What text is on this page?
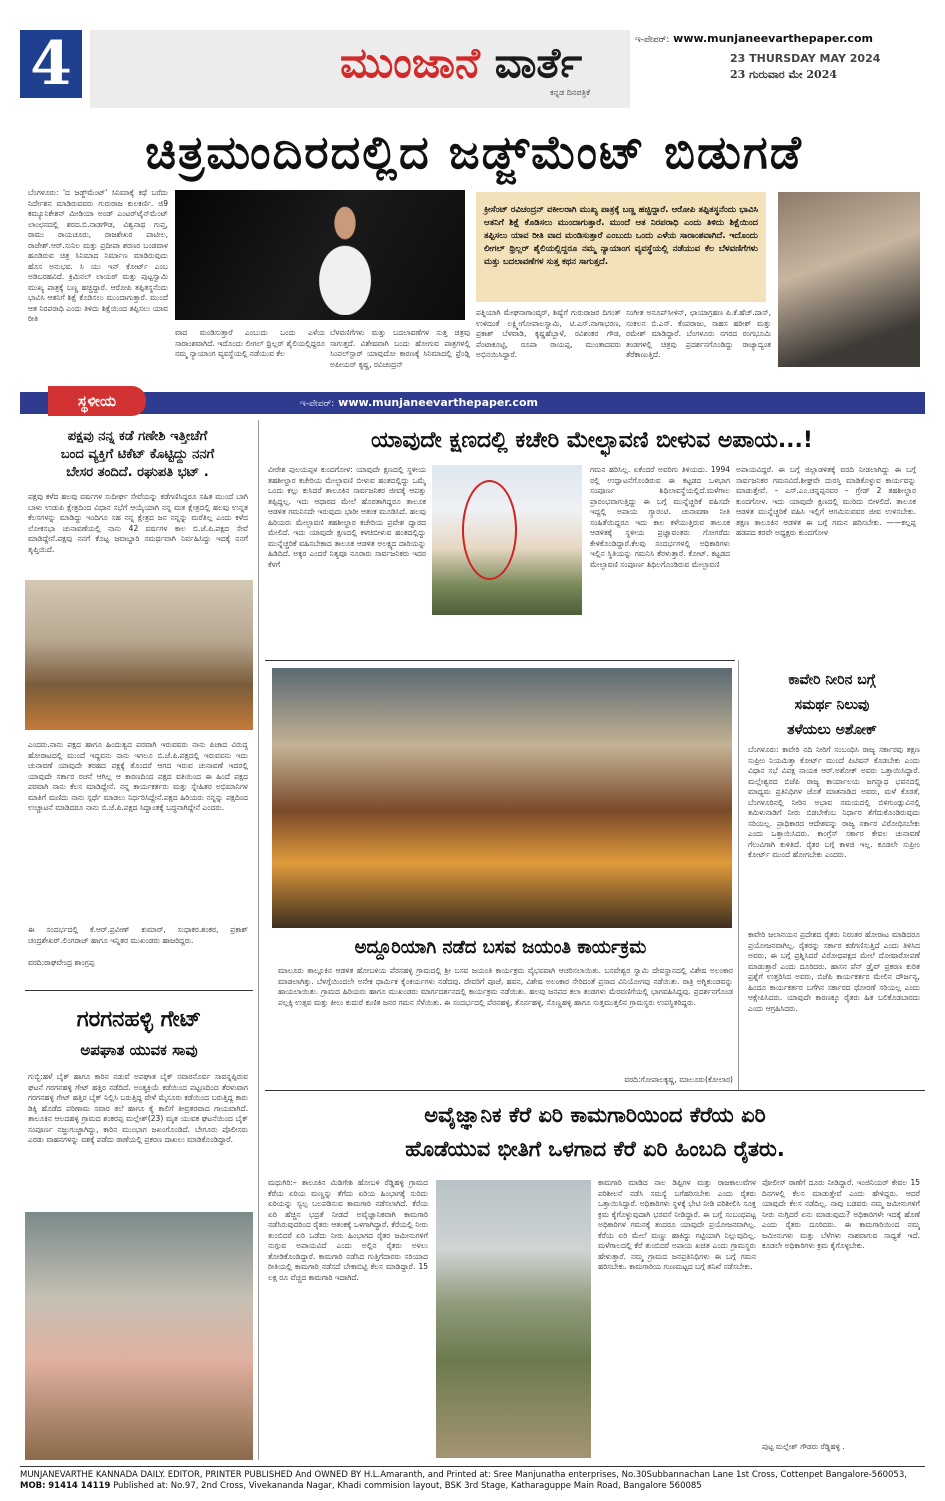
4	ಮುಂಜಾನೆ ವಾರ್ತೆ
ಕನ್ನಡ ದಿನಪತ್ರಿಕೆ
ಇ-ಪೇಪರ್: www.munjaneevarthepaper.com
23 THURSDAY MAY 2024
23 ಗುರುವಾರ ಮೇ 2024
ಚಿತ್ರಮಂದಿರದಲ್ಲಿದ ಜಡ್ಜ್‌ಮೆಂಟ್ ಬಿಡುಗಡೆ
ಬೆಂಗಳೂರು: 'ದ ಜಡ್ಜ್‌ಮೆಂಟ್' ಸಿನಿಮಾಕ್ಕೆ ಕಥೆ ಬರೆದು ನಿರ್ದೇಶನ ಮಾಡಿರುವವರು ಗುರುರಾಜ ಕುಲಕರ್ಣಿ. ಜಿ9 ಕಮ್ಯೂನಿಕೇಶನ್ ಮೀಡಿಯಾ ಅಂಡ್ ಎಂಟರ್‌ಟೈನ್‌ಮೆಂಟ್ ಲಾಂಛನದಲ್ಲಿ ಶರದ.ಬಿ.ನಾಡಗೌಡ, ವಿಶ್ವನಾಥ ಗುಪ್ತ, ರಾಮು ರಾಯಚೂರು, ರಾಜಶೇಖರ ಪಾಟೀಲ, ರಾಜೇಶ್.ಆರ್.ಸುನಿಲ ಮತ್ತು ಪ್ರದೀಪಾ ಶರಣರ ಬಂಡವಾಳ ಹೂಡಿರುವ ಚಿತ್ರ ಸಿನಿಮಾದ ನಿರ್ಮಾಣ ಮಾಡಿರುವುದು ಹೊಸ ಅನುಭವ. ಸಿ ಯು ಇನ್ ಕೋರ್ಟ್ ಎಂಬ ಅಡಿಬರಹವಿದೆ. ಕ್ರಿಮಿನಲ್ ಲಾಯರ್ ಮತ್ತು ಪುಟ್ಟಸ್ವಾಮಿ ಮುಖ್ಯ ಪಾತ್ರಕ್ಕೆ ಬಣ್ಣ ಹಚ್ಚಿದ್ದಾರೆ. ಆರೋಪಿ ತಪ್ಪಿತಸ್ಥನೆಂದು ಭಾವಿಸಿ ಆತನಿಗೆ ಶಿಕ್ಷೆ ಕೊಡಿಸಲು ಮುಂದಾಗುತ್ತಾರೆ. ಮುಂದೆ ಆತ ನಿರಪರಾಧಿ ಎಂದು ತಿಳಿದು ಶಿಕ್ಷೆಯಿಂದ ತಪ್ಪಿಸಲು ಯಾವ ರೀತಿ
ಕ್ರೀಸೆಂಟ್ ರವಿಚಂದ್ರನ್ ವಕೀಲರಾಗಿ ಮುಖ್ಯ ಪಾತ್ರಕ್ಕೆ ಬಣ್ಣ ಹಚ್ಚಿದ್ದಾರೆ. ಆರೋಪಿ ತಪ್ಪಿತಸ್ಥನೆಂದು ಭಾವಿಸಿ ಆತನಿಗೆ ಶಿಕ್ಷೆ ಕೊಡಿಸಲು ಮುಂದಾಗುತ್ತಾರೆ. ಮುಂದೆ ಆತ ನಿರಪರಾಧಿ ಎಂದು ತಿಳಿದು ಶಿಕ್ಷೆಯಿಂದ ತಪ್ಪಿಸಲು ಯಾವ ರೀತಿ ವಾದ ಮಂಡಿಸುತ್ತಾರೆ ಎಂಬುದು ಒಂದು ಎಳೆಯ ಸಾರಾಂಶವಾಗಿದೆ. ಇದೊಂದು ಲೀಗಲ್ ಥ್ರಿಲ್ಲರ್ ಶೈಲಿಯಲ್ಲಿದ್ದರೂ ನಮ್ಮ ನ್ಯಾಯಾಂಗ ವ್ಯವಸ್ಥೆಯಲ್ಲಿ ನಡೆಯುವ ಕೆಲ ಬೆಳವಣಿಗೆಗಳು ಮತ್ತು ಬದಲಾವಣೆಗಳ ಸುತ್ತ ಕಥನ ಸಾಗುತ್ತದೆ.
ವಾದ ಮಂಡಿಸುತ್ತಾರೆ ಎಂಬುದು ಒಂದು ಎಳೆಯ ಸಾರಾಂಶವಾಗಿದೆ. ಇದೊಂದು ಲೀಗಲ್ ಥ್ರಿಲ್ಲರ್ ಶೈಲಿಯಲ್ಲಿದ್ದರೂ ನಮ್ಮ ನ್ಯಾಯಾಂಗ ವ್ಯವಸ್ಥೆಯಲ್ಲಿ ನಡೆಯುವ ಕೆಲ
ಬೆಳವಣಿಗೆಗಳು ಮತ್ತು ಬದಲಾವಣೆಗಳ ಸುತ್ತ ಚಿತ್ರವು ಸಾಗುತ್ತದೆ. ವಿಶೇಷವಾಗಿ ಬಂದು ಹೋಗುವ ಪಾತ್ರಗಳಲ್ಲಿ ಸಿಂಪಲ್‌ಸ್ಟಾರ್ ಯಾವುದೋ ಕಾರಣಕ್ಕೆ ಸಿನಿಮಾದಲ್ಲಿ ಫ್ರೆಂಡ್ಲಿ ಅಪೀಯರ್ ಕೃಷ್ಣ, ರವಿಚಂದ್ರನ್
ಪತ್ನಿಯಾಗಿ ಮೇಘನಾಗಾಂವ್ಕರ್, ಶಿಷ್ಯೆಗೆ ಗುರುರಾಜರ ದಿಗಂತ್ ಉಳಿದಂತೆ ಲಕ್ಷ್ಮೀಗೋಪಾಲಸ್ವಾಮಿ, ಟಿ.ಎಸ್.ನಾಗಾಭರಣ, ಪ್ರಕಾಶ್ ಬೆಳವಾಡಿ, ಕೃಷ್ಣಹೆಬ್ಬಾಳೆ, ರವಿಶಂಕರ ಗೌಡ, ಪೆಂಟಾಕೂಟ್ಟಿ, ರೂಪಾ ರಾಯಪ್ಪ, ಮುಂತಾದವರು ಅಭಿನಯಿಸಿದ್ದಾರೆ.
ಸಂಗೀತ ಅನೂಪ್‌ಸೀಳಿನ್, ಛಾಯಾಗ್ರಹಣ ಪಿ.ಕೆ.ಹೆಚ್.ದಾಸ್, ಸಂಕಲನ ಬಿ.ಎಸ್. ಕೆಂಪರಾಜು, ಸಾಹಸ ಹರೀಶ್ ಮತ್ತು ರಮೇಶ್ ಮಾಡಿದ್ದಾರೆ. ಬೆಂಗಳೂರು ನಗರದ ರಂಗಭೂಮಿ ತಂಡಗಳಲ್ಲಿ ಚಿತ್ರವು ಪ್ರದರ್ಶನಗೊಂಡಿದ್ದು ರಾಜ್ಯಾದ್ಯಂತ ತೆರೆಕಾಣುತ್ತಿದೆ.
ಸ್ಥಳೀಯ	ಇ-ಪೇಪರ್: www.munjaneevarthepaper.com
ಪಕ್ಷವು ನನ್ನ ಕಡೆ ಗಣೇಶಿ ಇತ್ತೀಚೆಗೆ
ಬಂದ ವ್ಯಕ್ತಿಗೆ ಟಿಕೆಟ್ ಕೊಟ್ಟಿದ್ದು ನನಗೆ
ಬೇಸರ ತಂದಿದೆ. ರಘುಪತಿ ಭಟ್ .
ಪಕ್ಷವು ಕಳೆದ ಹಲವು ವರ್ಷಗಳ ಸುದೀರ್ಘ ಸೇವೆಯನ್ನು ಕಡೆಗಣಿಸಿದ್ದರೂ ಸಹಿತ ಮುಂದೆ ಬಾಗಿ ಬಾಳು ಉಡುಪಿ ಕ್ಷೇತ್ರದಿಂದ ವಿಧಾನ ಸಭೆಗೆ ಆಯ್ಕೆಯಾಗಿ ನನ್ನ ಮತ ಕ್ಷೇತ್ರದಲ್ಲಿ ಹಲವು ಉನ್ನತ ಕೆಲಸಗಳನ್ನು ಮಾಡಿದ್ದು ಇಂದಿಗೂ ಸಹ ನನ್ನ ಕ್ಷೇತ್ರದ ಜನ ನನ್ನನ್ನು ಮರೆತಿಲ್ಲ ಎಂದು ಕಳೆದ ಲೋಕಸಭಾ ಚುನಾವಣೆಯಲ್ಲಿ ನಾನು 42 ವರ್ಷಗಳ ಕಾಲ ಬಿ.ಜೆ.ಪಿ.ಪಕ್ಷದ ಸೇವೆ ಮಾಡಿದ್ದೇನೆ.ಪಕ್ಷವು ನನಗೆ ಕೊಟ್ಟ ಜವಾಬ್ದಾರಿ ಸಮರ್ಥವಾಗಿ ನಿರ್ವಹಿಸಿದ್ದು ಇದಕ್ಕೆ ನನಗೆ ತೃಪ್ತಿಯಿದೆ.
ಎಂದರು.ನಾನು ಪಕ್ಷದ ಹಾಗೂ ಹಿಂದುತ್ವದ ಪರವಾಗಿ ಇರುವವರು ನಾನು ಪಿಚಾದ ವಿರುದ್ಧ ಹೋರಾಟದಲ್ಲಿ ಮುಂದೆ ಇದ್ದವನು ನಾನು ಇಗಲೂ ಬಿ.ಜೆ.ಪಿ.ಪಕ್ಷದಲ್ಲಿ ಇರುವವನು ಇದು ಚುನಾವಣೆ ಯಾವುದೇ ತರಹದ ಪಕ್ಷಕ್ಕೆ ತೊಂದರೆ ಆಗದ ಇರುವ ಚುನಾವಣೆ ಇದರಲ್ಲಿ ಯಾವುದೇ ಸರ್ಕಾರ ರಚನೆ ಆಗಿಲ್ಲ ಆ ಕಾರಣದಿಂದ ಪಕ್ಷದ ವತಿಯಿಂದ ಈ ಹಿಂದೆ ಪಕ್ಷದ ಪರವಾಗಿ ನಾನು ಕೆಲಸ ಮಾಡಿದ್ದೇನೆ. ನನ್ನ ಕಾರ್ಯಕರ್ತರು ಮತ್ತು ಸ್ನೇಹಿತರ ಅಭಿಮಾನಿಗಳ ಮಾತಿಗೆ ಮಣಿದು ನಾನು ಸ್ಪರ್ಧೆ ಮಾಡಲು ನಿರ್ಧರಿಸಿದ್ದೇನೆ.ಪಕ್ಷದ ಹಿರಿಯರು ನನ್ನನ್ನು ಪಕ್ಷದಿಂದ ಉಚ್ಚಾಟನೆ ಮಾಡಿದರೂ ನಾನು ಬಿ.ಜೆ.ಪಿ.ಪಕ್ಷದ ಸಿದ್ದಾಂತಕ್ಕೆ ಬದ್ಧನಾಗಿದ್ದೇನೆ ಎಂದರು.
ಈ ಸಂದರ್ಭದಲ್ಲಿ ಕೆ.ಆರ್.ಪ್ರವೀಣ್ ಕುಮಾರ್, ಸುಧಾಕರ.ಶಂಕರ, ಪ್ರಕಾಶ್ ಚಂದ್ರಶೇಖರ್.ಲಿಂಗರಾಜ್ ಹಾಗೂ ಇನ್ನಿತರ ಮುಖಂಡರು ಹಾಜರಿದ್ದರು.
ವರದಿ:ರಾಘವೇಂದ್ರ ಶಾಂಗ್ರಪ್ಪ
ಗರಗನಹಳ್ಳಿ ಗೇಟ್
ಅಪಘಾತ ಯುವಕ ಸಾವು
ಗುಬ್ಬಿ:ಹಳೆ ಬೈಕ್ ಹಾಗೂ ಕಾರಿನ ನಡುವೆ ಅಪಘಾತ ಬೈಕ್ ಸವಾರನೊರ್ವ ಸಾವನ್ನಪ್ಪಿರುವ ಘಟನೆ ಗರಗನಹಳ್ಳಿ ಗೇಟ್ ಹತ್ತಿರ ನಡೆದಿದೆ. ಅಂತ್ಯಕ್ರಿಯೆ ಕಡೆಯಿಂದ ಪಟ್ಟಣದಿಂದ ತೆರಳುವಾಗ ಗರಗನಹಳ್ಳಿ ಗೇಟ್ ಹತ್ತಿರ ಬೈಕ್ ನಿಲ್ಲಿಸಿ ಬರುತ್ತಿದ್ದ ವೇಳೆ ಮೈಸೂರು ಕಡೆಯಿಂದ ಬರುತ್ತಿದ್ದ ಕಾರು ಡಿಕ್ಕಿ ಹೊಡೆದ ಪರಿಣಾಮ ಸವಾರ ತಲೆ ಹಾಗೂ ಕೈ ಕಾಲಿಗೆ ತೀವ್ರತರವಾದ ಗಾಯವಾಗಿದೆ. ತಾಲೂಕಿನ ಆಲದಹಳ್ಳಿ ಗ್ರಾಮದ ಶಂಕರಪ್ಪ ಮಲ್ಲೇಶ್(23) ಮೃತ ಯುವಕ ಘಟನೆಯಿಂದ ಬೈಕ್ ಸಂಪೂರ್ಣ ನಜ್ಜುಗುಜ್ಜಾಗಿದ್ದು, ಕಾರಿನ ಮುಂಭಾಗ ಜಖಂಗೊಂಡಿದೆ. ಬೇಗೂರು ಪೊಲೀಸರು ಎರಡು ವಾಹನಗಳನ್ನು ವಶಕ್ಕೆ ಪಡೆದು ಠಾಣೆಯಲ್ಲಿ ಪ್ರಕರಣ ದಾಖಲು ಮಾಡಿಕೊಂಡಿದ್ದಾರೆ.
ಯಾವುದೇ ಕ್ಷಣದಲ್ಲಿ ಕಚೇರಿ ಮೇಲ್ಛಾವಣಿ ಬೀಳುವ ಅಪಾಯ...!
ವೀರೇಶ ಪುಲಯಪ್ಪಳ ಕುಂದಗೋಳ: ಯಾವುದೇ ಕ್ಷಣದಲ್ಲಿ ಸ್ಥಳೀಯ ತಹಶೀಲ್ದಾರ ಕಚೇರಿಯ ಮೇಲ್ಛಾವಣಿ ಬೀಳುವ ಹಂತದಲ್ಲಿದ್ದು ಒಮ್ಮೆ ಒಂದು ಕಲ್ಲು ಕುಸಿದರೆ ತಾಲೂಕಿನ ಸಾರ್ವಜನಿಕರ ಜೀವಕ್ಕೆ ಆಪತ್ತು ತಪ್ಪಿದ್ದಲ್ಲ. ಇದು ಆಧಾರದ ಮೇಲೆ ಹೊರತಾಗಿದ್ದರೂ ತಾಲೂಕ ಆಡಳಿತ ಗಮನಿಸದೇ ಇರುವುದು ಭಾರೀ ಆತಂಕ ಮೂಡಿಸಿದೆ. ಹಲವು ಹಿರಿಯರು ಮೇಲ್ಛಾವಣಿ ತಹಶೀಲ್ದಾರ ಕಚೇರಿಯ ಪ್ರವೇಶ ದ್ವಾರದ ಮೇಲಿದೆ. ಇದು ಯಾವುದೇ ಕ್ಷಣದಲ್ಲಿ ಕಳಚಿಬೀಳುವ ಹಂತದಲ್ಲಿದ್ದು ಮುನ್ನೆಚ್ಚರಿಕೆ ವಹಿಸಬೇಕಾದ ತಾಲೂಕ ಆಡಳಿತ ಅಲಕ್ಷ್ಯದ ದಾರಿಯನ್ನು ಹಿಡಿದಿದೆ. ಅಕ್ಕರ ಎಂದರೆ ನಿತ್ಯವೂ ನೂರಾರು ಸಾರ್ವಜನಿಕರು ಇದರ ಕೆಳಗೆ
ಗಮನ ಹರಿಸಿಲ್ಲ. ಏಕೆಂದರೆ ಅವರಿಗು ತಿಳಿಯದು. 1994 ರಲ್ಲಿ ಉದ್ಘಾಟನೆಗೊಂಡಿರುವ ಈ ಕಟ್ಟಡದ ಒಳಭಾಗ ಸಂಪೂರ್ಣ ಶಿಥಿಲಾವಸ್ಥೆಯಲ್ಲಿದೆ.ಮಳೆಗಾಲ ಪ್ರಾರಂಭವಾಗುತ್ತಿದ್ದು ಈ ಬಗ್ಗೆ ಮುನ್ನೆಚ್ಚರಿಕೆ ವಹಿಸದೇ ಇದ್ದಲ್ಲಿ ಅಪಾಯ ಗ್ಯಾರಂಟಿ. ಚುನಾವಣಾ ನೀತಿ ಸಂಹಿತೆಯಿದ್ದರೂ ಇದು ಕಾಲ ಕಳೆಯುತ್ತಿರುವ ತಾಲೂಕ ಆಡಳಿತಕ್ಕೆ ಸ್ಥಳೀಯ ಪ್ರಜ್ಞಾವಂತರು ಗೋಗರೆದು ಕೇಳಿಕೊಂಡಿದ್ದಾರೆ.ಕೆಲವು ಸಂದರ್ಭಗಳಲ್ಲಿ ಅಧಿಕಾರಿಗಳು ಇಲ್ಲಿನ ಸ್ಥಿತಿಯನ್ನು ಗಮನಿಸಿ ತೆರಳುತ್ತಾರೆ. ಕೋಟ್. ಕಟ್ಟಡದ ಮೇಲ್ಛಾವಣಿ ಸಂಪೂರ್ಣ ಶಿಥಿಲಗೊಂಡಿರುವ ಮೇಲ್ಛಾವಣಿ
ಅಪಾಯವಿದ್ದರೆ. ಈ ಬಗ್ಗೆ ಜಿಲ್ಲಾಡಳಿತಕ್ಕೆ ವರದಿ ನೀಡಲಾಗಿದ್ದು ಈ ಬಗ್ಗೆ ಸಾರ್ವಜನಿಕರ ಗಮನವಿದೆ.ಶೀಘ್ರವೇ ದುರಸ್ತಿ ಮಾಡಿಕೊಳ್ಳುವ ಕಾರ್ಯವನ್ನು ಮಾಡುತ್ತೇವೆ. – ಎಸ್.ಎಂ.ಚನ್ನಪ್ಪನವರ – ಗ್ರೇಡ್ 2 ತಹಶೀಲ್ದಾರ ಕುಂದಗೋಳ. ಇದು ಯಾವುದೇ ಕ್ಷಣದಲ್ಲಿ ಮುರಿದು ಬೀಳಲಿದೆ. ತಾಲೂಕ ಆಡಳಿತ ಮುನ್ನೆಚ್ಚರಿಕೆ ವಹಿಸಿ ಇಲ್ಲಿಗೆ ಆಗಮಿಸುವವರ ಜೀವ ಉಳಿಸಬೇಕು. ತಕ್ಷಣ ತಾಲೂಕಿನ ಆಡಳಿತ ಈ ಬಗ್ಗೆ ಗಮನ ಹರಿಸಬೇಕು. ——ಕಲ್ಲಪ್ಪ ಹಡಪದ ಕರವೇ ಅಧ್ಯಕ್ಷರು ಕುಂದಗೋಳ
ಅದ್ದೂರಿಯಾಗಿ ನಡೆದ ಬಸವ ಜಯಂತಿ ಕಾರ್ಯಕ್ರಮ
ಮಾಲೂರು ತಾಲ್ಲೂಕಿನ ಆಡಳಿತ ಹೋಬಳಿಯ ಪೆರನಹಳ್ಳಿ ಗ್ರಾಮದಲ್ಲಿ ಶ್ರೀ ಬಸವ ಜಯಂತಿ ಕಾರ್ಯಕ್ರಮ ವೈಭವವಾಗಿ ಆಚರಿಸಲಾಯಿತು. ಬಸವೇಶ್ವರ ಸ್ವಾಮಿ ದೇವಸ್ಥಾನದಲ್ಲಿ ವಿಶೇಷ ಅಲಂಕಾರ ಮಾಡಲಾಗಿತ್ತು. ಬೆಳಗ್ಗೆಯಿಂದಲೇ ಅನೇಕ ಧಾರ್ಮಿಕ ಕೈಂಕರ್ಯಗಳು ನಡೆದವು. ದೇವರಿಗೆ ಪೂಜೆ, ಹವನ, ವಿಶೇಷ ಅಲಂಕಾರ ಸೇರಿದಂತೆ ಪ್ರಸಾದ ವಿನಿಯೋಗವು ನಡೆಯಿತು. ರಾತ್ರಿ ಅಗ್ನಿಕುಂಡವನ್ನು ಹಾಯಲಾಯಿತು. ಗ್ರಾಮದ ಹಿರಿಯರು ಹಾಗೂ ಮುಖಂಡರು ಮಾರ್ಗದರ್ಶನದಲ್ಲಿ ಕಾರ್ಯಕ್ರಮ ನಡೆಯಿತು. ಹಲವು ಜನಪದ ಕಲಾ ತಂಡಗಳು ಮೆರವಣಿಗೆಯಲ್ಲಿ ಭಾಗವಹಿಸಿದ್ದವು. ಪ್ರದರ್ಶನಗೊಂಡ ಪಲ್ಲಕ್ಕಿ ಉತ್ಸವ ಮತ್ತು ಕೀಲು ಕುದುರೆ ಕುಣಿತ ಜನರ ಗಮನ ಸೆಳೆಯಿತು. ಈ ಸಂದರ್ಭದಲ್ಲಿ ಪೆರನಹಳ್ಳಿ, ತೊರ್ನಹಳ್ಳಿ, ಸೊಣ್ಣಹಳ್ಳಿ ಹಾಗೂ ಸುತ್ತಮುತ್ತಲಿನ ಗ್ರಾಮಸ್ಥರು ಉಪಸ್ಥಿತರಿದ್ದರು.
ವರದಿ:ಗೋಪಾಲಕೃಷ್ಣ, ಮಾಲೂರು(ಕೋಲಾರ)
ಕಾವೇರಿ ನೀರಿನ ಬಗ್ಗೆ
ಸಮರ್ಥ ನಿಲುವು
ತಳೆಯಲು ಅಶೋಕ್
ಬೆಂಗಳೂರು: ಕಾವೇರಿ ನದಿ ನೀರಿಗೆ ಸಂಬಂಧಿಸಿ ರಾಜ್ಯ ಸರ್ಕಾರವು ತಕ್ಷಣ ಸುಪ್ರೀಂ ನಿಯಮಿತ್ತಾ ಕೋರ್ಟ್ ಮುಂದೆ ಪಿಟಿಷನ್ ಕೊಡಬೇಕು ಎಂದು ವಿಧಾನ ಸಭೆ ವಿಪಕ್ಷ ನಾಯಕ ಆರ್.ಅಶೋಕ್ ಅವರು ಒತ್ತಾಯಿಸಿದ್ದಾರೆ. ಮಲ್ಲೇಶ್ವರದ ಬಿಜೆಪಿ ರಾಜ್ಯ ಕಾರ್ಯಾಲಯ ಜಗನ್ನಾಥ ಭವನದಲ್ಲಿ ಮಾಧ್ಯಮ ಪ್ರತಿನಿಧಿಗಳ ಜೊತೆ ಮಾತನಾಡಿದ ಅವರು, ಮಳೆ ಕೊರತೆ, ಬೆಂಗಳೂರಿನಲ್ಲಿ ನೀರಿನ ಅಭಾವ ಸಮಯದಲ್ಲಿ ಬಿಳಿಗುಂಡ್ಲುವಿನಲ್ಲಿ ತಮಿಳುನಾಡಿಗೆ ನೀರು ಬಿಡಬೇಕೆಂಬ ನಿರ್ಧಾರ ತೆಗೆದುಕೊಂಡಿರುವುದು ಸರಿಯಲ್ಲ. ಪ್ರಾಧಿಕಾರದ ಆದೇಶವನ್ನು ರಾಜ್ಯ ಸರ್ಕಾರ ವಿರೋಧಿಸಬೇಕು ಎಂದು ಒತ್ತಾಯಿಸಿದರು. ಕಾಂಗ್ರೆಸ್ ಸರ್ಕಾರ ಕೇವಲ ಚುನಾವಣೆ ಗೆಲುವಿಗಾಗಿ ಕುಳಿತಿದೆ. ರೈತರ ಬಗ್ಗೆ ಕಾಳಜಿ ಇಲ್ಲ. ಕೂಡಲೇ ಸುಪ್ರೀಂ ಕೋರ್ಟ್ ಮುಂದೆ ಹೋಗಬೇಕು ಎಂದರು.
ಕಾವೇರಿ ಜಲಾನಯನ ಪ್ರದೇಶದ ರೈತರು ನಿರಂತರ ಹೋರಾಟ ಮಾಡಿದರೂ ಪ್ರಯೋಜನವಾಗಿಲ್ಲ. ರೈತರನ್ನು ಸರ್ಕಾರ ಕಡೆಗಣಿಸುತ್ತಿದೆ ಎಂದು ತಿಳಿಸಿದ ಅವರು, ಈ ಬಗ್ಗೆ ಪ್ರಶ್ನಿಸಿದರೆ ವಿರೋಧಪಕ್ಷದ ಮೇಲೆ ದೋಷಾರೋಪಣೆ ಮಾಡುತ್ತಾರೆ ಎಂದು ದೂರಿದರು. ಹಾಸನ ಪೆನ್ ಡ್ರೈವ್ ಪ್ರಕರಣ ಕುರಿತ ಪ್ರಶ್ನೆಗೆ ಉತ್ತರಿಸಿದ ಅವರು, ಬಿಜೆಪಿ ಕಾರ್ಯಕರ್ತರ ಮೇಲಿನ ದೌರ್ಜನ್ಯ, ಹಿಂದೂ ಕಾರ್ಯಕರ್ತರ ಬಗೆಗಿನ ಸರ್ಕಾರದ ಧೋರಣೆ ಸರಿಯಲ್ಲ ಎಂದು ಆಕ್ಷೇಪಿಸಿದರು. ಯಾವುದೇ ಕಾರಣಕ್ಕೂ ರೈತರು ಹಿತ ಬಲಿಕೊಡಬಾರದು ಎಂದು ಆಗ್ರಹಿಸಿದರು.
ಅವೈಜ್ಞಾನಿಕ ಕೆರೆ ಏರಿ ಕಾಮಗಾರಿಯಿಂದ ಕೆರೆಯ ಏರಿ
ಹೊಡೆಯುವ ಭೀತಿಗೆ ಒಳಗಾದ ಕೆರೆ ಏರಿ ಹಿಂಬದಿ ರೈತರು.
ಮಧುಗಿರಿ:– ತಾಲೂಕಿನ ಮಿಡಿಗೇಶಿ ಹೋಬಳಿ ರೆಡ್ಡಿಹಳ್ಳಿ ಗ್ರಾಮದ ಕೆರೆಯ ಏರಿಯ ಮಣ್ಣನ್ನು ತೆಗೆದು ಏರಿಯ ಹಿಂಭಾಗಕ್ಕೆ ಸುರಿದು ಏರಿಯನ್ನು ಸ್ವಲ್ಪ ಬಲಪಡಿಸುವ ಕಾಮಗಾರಿ ನಡೆಸಲಾಗಿದೆ. ಕೆರೆಯ ಏರಿ ಹೆಚ್ಚಿನ ಭದ್ರತೆ ನೀಡದೆ ಅವೈಜ್ಞಾನಿಕವಾಗಿ ಕಾಮಗಾರಿ ನಡೆಸಿರುವುದರಿಂದ ರೈತರು ಆತಂಕಕ್ಕೆ ಒಳಗಾಗಿದ್ದಾರೆ. ಕೆರೆಯಲ್ಲಿ ನೀರು ತುಂಬಿದರೆ ಏರಿ ಒಡೆದು ನೀರು ಹಿಂಭಾಗದ ರೈತರ ಜಮೀನುಗಳಿಗೆ ನುಗ್ಗುವ ಅಪಾಯವಿದೆ ಎಂದು ಅಲ್ಲಿನ ರೈತರು ಅಳಲು ತೋಡಿಕೊಂಡಿದ್ದಾರೆ. ಕಾಮಗಾರಿ ನಡೆಸಿದ ಗುತ್ತಿಗೆದಾರರು ಸರಿಯಾದ ರೀತಿಯಲ್ಲಿ ಕಾಮಗಾರಿ ನಡೆಸದೆ ಬೇಕಾಬಿಟ್ಟಿ ಕೆಲಸ ಮಾಡಿದ್ದಾರೆ. 15 ಲಕ್ಷ ರೂ ವೆಚ್ಚದ ಕಾಮಗಾರಿ ಇದಾಗಿದೆ.
ಕಾಮಗಾರಿ ಮಾಡಿದ ನಾಲ ಡಿಪ್ಟಿಗಳ ಮತ್ತು ರಾಜಕಾಲುವೆಗಳ ಪರಿಶೀಲನೆ ನಡೆಸಿ ಸಮಸ್ಯೆ ಬಗೆಹರಿಸಬೇಕು ಎಂದು ರೈತರು ಒತ್ತಾಯಿಸಿದ್ದಾರೆ. ಅಧಿಕಾರಿಗಳು ಸ್ಥಳಕ್ಕೆ ಭೇಟಿ ನೀಡಿ ಪರಿಶೀಲಿಸಿ ಸೂಕ್ತ ಕ್ರಮ ಕೈಗೊಳ್ಳುವುದಾಗಿ ಭರವಸೆ ನೀಡಿದ್ದಾರೆ. ಈ ಬಗ್ಗೆ ಸಂಬಂಧಪಟ್ಟ ಅಧಿಕಾರಿಗಳ ಗಮನಕ್ಕೆ ತಂದರೂ ಯಾವುದೇ ಪ್ರಯೋಜನವಾಗಿಲ್ಲ. ಕೆರೆಯ ಏರಿ ಮೇಲೆ ಮಣ್ಣು ಹಾಕಿದ್ದು ಗಟ್ಟಿಯಾಗಿ ನಿಲ್ಲುವುದಿಲ್ಲ. ಮಳೆಗಾಲದಲ್ಲಿ ಕೆರೆ ತುಂಬಿದರೆ ಅಪಾಯ ಖಚಿತ ಎಂದು ಗ್ರಾಮಸ್ಥರು ಹೇಳುತ್ತಾರೆ. ನಮ್ಮ ಗ್ರಾಮದ ಜನಪ್ರತಿನಿಧಿಗಳು ಈ ಬಗ್ಗೆ ಗಮನ ಹರಿಸಬೇಕು. ಕಾಮಗಾರಿಯ ಗುಣಮಟ್ಟದ ಬಗ್ಗೆ ತನಿಖೆ ನಡೆಸಬೇಕು.
ಪೋಲೀಸ್ ಠಾಣೆಗೆ ದೂರು ನೀಡಿದ್ದಾರೆ. ಇಂಜಿನಿಯರ್ ಕೇವಲ 15 ದಿನಗಳಲ್ಲಿ ಕೆಲಸ ಮಾಡುತ್ತೇವೆ ಎಂದು ಹೇಳಿದ್ದರು. ಆದರೆ ಯಾವುದೇ ಕೆಲಸ ನಡೆದಿಲ್ಲ. ನಾವು ಬಡವರು ನಮ್ಮ ಜಮೀನುಗಳಿಗೆ ನೀರು ನುಗ್ಗಿದರೆ ಏನು ಮಾಡುವುದು? ಅಧಿಕಾರಿಗಳೇ ಇದಕ್ಕೆ ಹೊಣೆ ಎಂದು ರೈತರು ದೂರಿದರು. ಈ ಕಾಮಗಾರಿಯಿಂದ ನಮ್ಮ ಜಮೀನುಗಳು ಮತ್ತು ಬೆಳೆಗಳು ನಾಶವಾಗುವ ಸಾಧ್ಯತೆ ಇದೆ. ಕೂಡಲೇ ಅಧಿಕಾರಿಗಳು ಕ್ರಮ ಕೈಗೊಳ್ಳಬೇಕು.
ಪುಟ್ಟ ಮಲ್ಲೇಶ್ ಗೌಡರು ರೆಡ್ಡಿಹಳ್ಳಿ .
MUNJANEVARTHE KANNADA DAILY. EDITOR, PRINTER PUBLISHED And OWNED BY H.L.Amaranth, and Printed at: Sree Manjunatha enterprises, No.30Subbannachan Lane 1st Cross, Cottenpet Bangalore-560053,
MOB: 91414 14119 Published at: No.97, 2nd Cross, Vivekananda Nagar, Khadi commision layout, BSK 3rd Stage, Katharaguppe Main Road, Bangalore 560085
